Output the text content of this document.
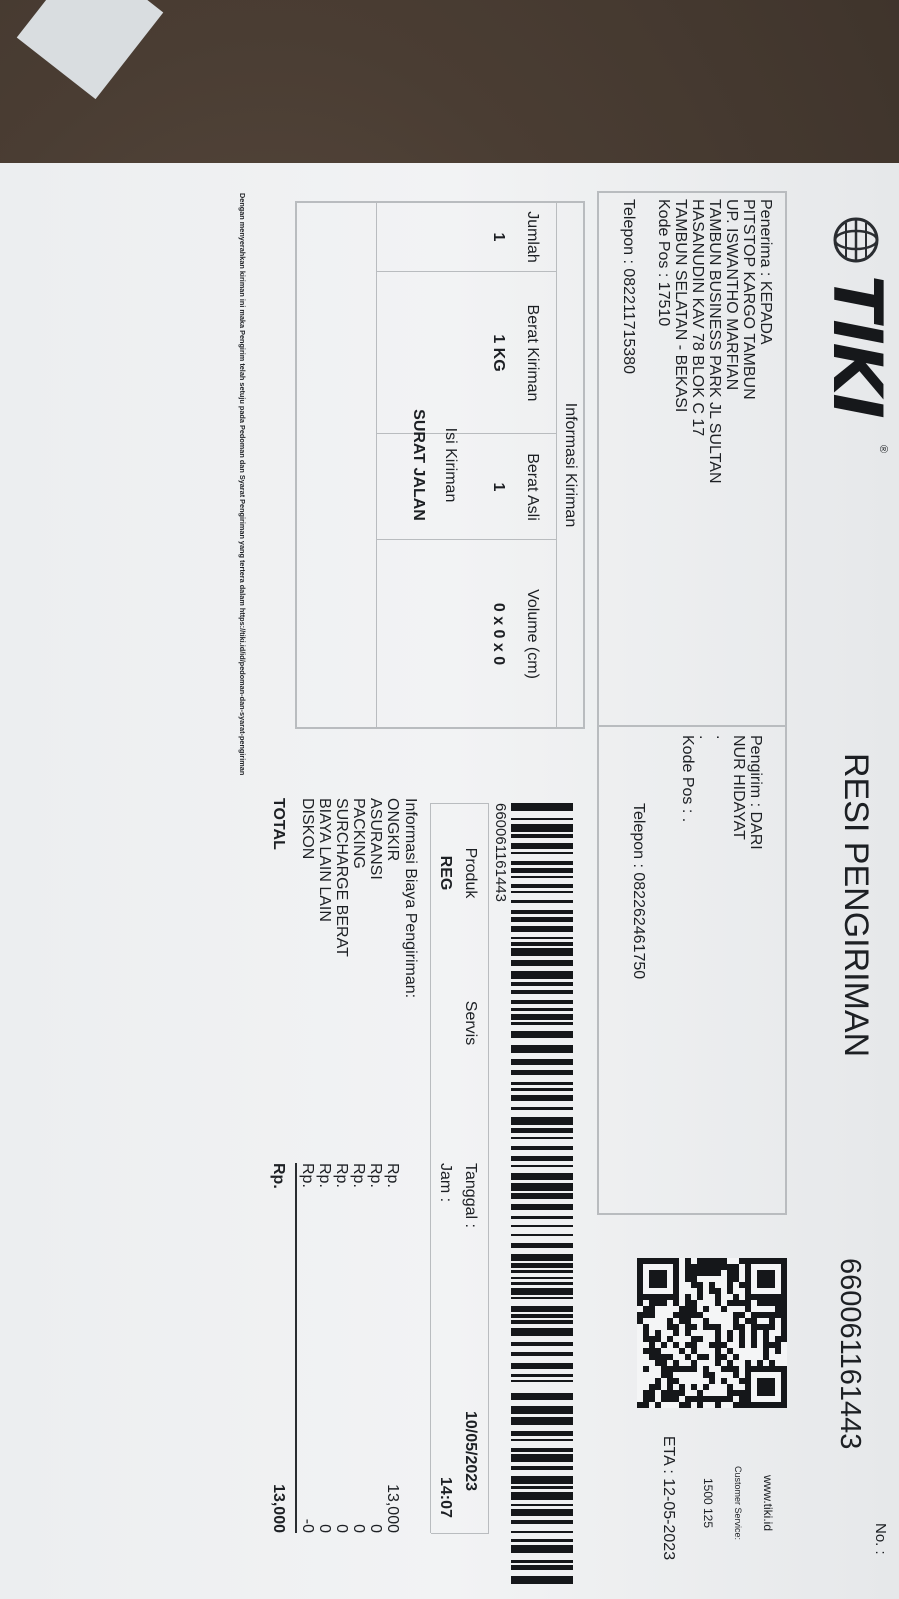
TIKI
®
RESI PENGIRIMAN
No. :
660061161443
Penerima : KEPADA
PITSTOP KARGO TAMBUN
UP. ISWANTHO MARFIAN
TAMBUN BUSINESS PARK JL SULTAN
HASANUDIN KAV 78 BLOK C 17
TAMBUN SELATAN - BEKASI
Kode Pos : 17510
Telepon : 082211715380
Pengirim : DARI
NUR HIDAYAT
.
.
Kode Pos : .
Telepon : 082262461750
www.tiki.id
Customer Service:
1500 125
ETA : 12-05-2023
Informasi Kiriman
Jumlah
Berat Kiriman
Berat Asli
Volume (cm)
1
1 KG
1
0 x 0 x 0
Isi Kiriman
SURAT JALAN
660061161443
Produk
REG
Servis
Tanggal :
Jam :
10/05/2023
14:07
Informasi Biaya Pengiriman:
ONGKIR
ASURANSI
PACKING
SURCHARGE BERAT
BIAYA LAIN LAIN
DISKON
Rp.
Rp.
Rp.
Rp.
Rp.
Rp.
13,000
0
0
0
0
-0
TOTAL
Rp.
13,000
Dengan menyerahkan kiriman ini maka Pengirim telah setuju pada Pedoman dan Syarat Pengiriman yang tertera dalam https://tiki.id/id/pedoman-dan-syarat-pengiriman
